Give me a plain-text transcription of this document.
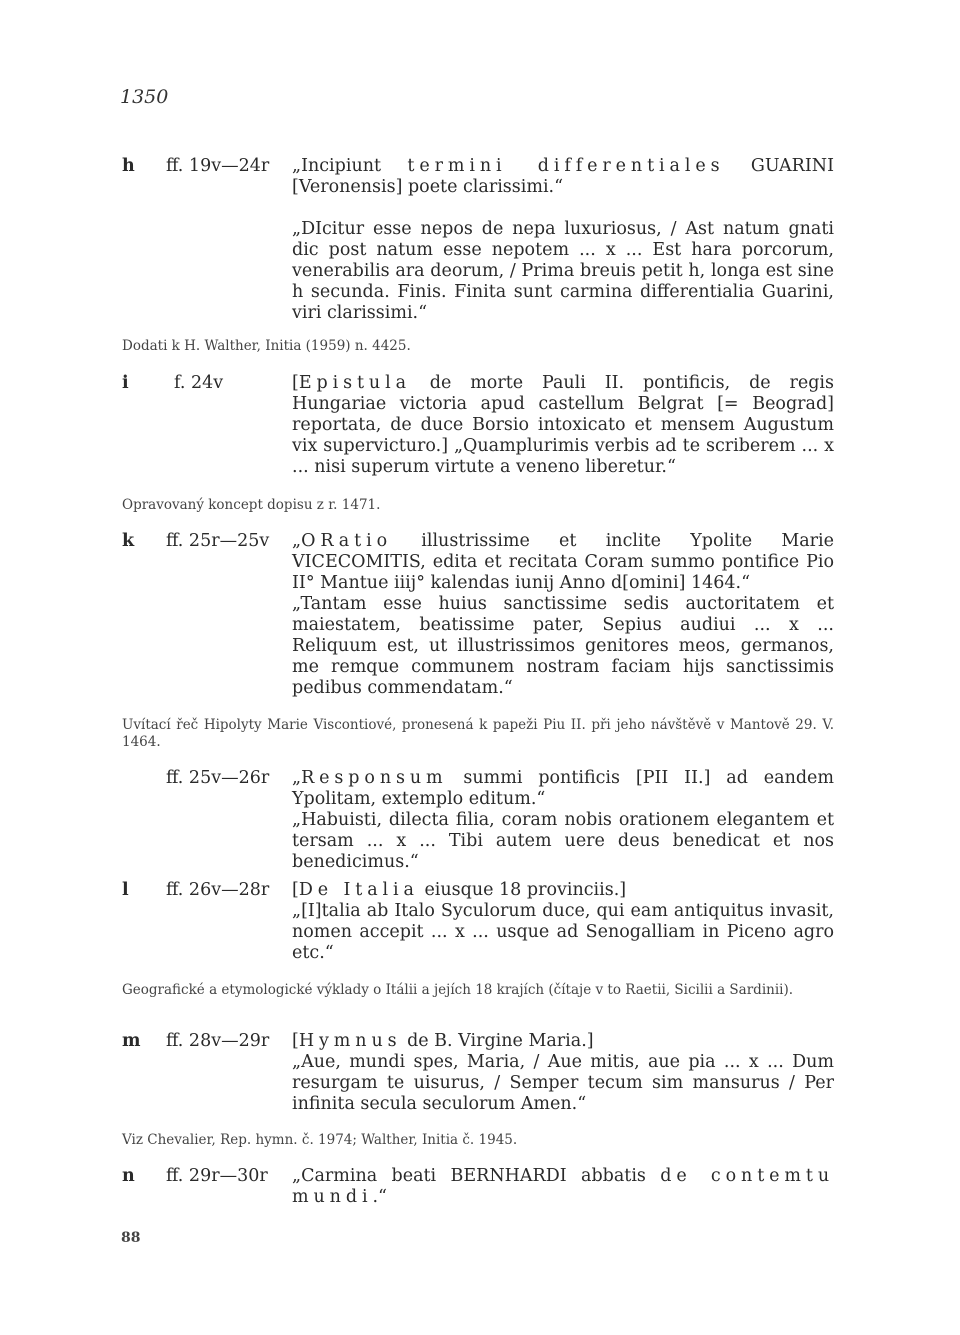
1350
h	ff. 19v—24r „Incipiunt termini differentiales GUARINI [Veronensis] poete clarissimi.“

„DIcitur esse nepos de nepa luxuriosus, / Ast natum gnati dic post natum esse nepotem ... x ... Est hara porcorum, venerabilis ara deorum, / Prima breuis petit h, longa est sine h secunda. Finis. Finita sunt carmina differentialia Guarini, viri clarissimi.“

Dodati k H. Walther, Initia (1959) n. 4425.
i	f. 24v	[Epistula de morte Pauli II. pontificis, de regis Hungariae victoria apud castellum Belgrat [= Beograd] reportata, de duce Borsio intoxicato et mensem Augustum vix supervicturo.] „Quamplurimis verbis ad te scriberem ... x ... nisi superum virtute a veneno liberetur.“

Opravovaný koncept dopisu z r. 1471.
k	ff. 25r—25v „ORatio illustrissime et inclite Ypolite Marie VICECOMITIS, edita et recitata Coram summo pontifice Pio II° Mantue iiij° kalendas iunij Anno d[omini] 1464.“

„Tantam esse huius sanctissime sedis auctoritatem et maiestatem, beatissime pater, Sepius audiui ... x ... Reliquum est, ut illustrissimos genitores meos, germanos, me remque communem nostram faciam hijs sanctissimis pedibus commendatam.“

Uvítací řeč Hipolyty Marie Viscontiové, pronesená k papeži Piu II. při jeho návštěvě v Mantově 29. V. 1464.
ff. 25v—26r „Responsum summi pontificis [PII II.] ad eandem Ypolitam, extemplo editum.“

„Habuisti, dilecta filia, coram nobis orationem elegantem et tersam ... x ... Tibi autem uere deus benedicat et nos benedicimus.“

l	ff. 26v—28r [De Italia eiusque 18 provinciis.]

„[I]talia ab Italo Syculorum duce, qui eam antiquitus invasit, nomen accepit ... x ... usque ad Senogalliam in Piceno agro etc.“

Geografické a etymologické výklady o Itálii a jejích 18 krajích (čítaje v to Raetii, Sicilii a Sardinii).
m	ff. 28v—29r [Hymnus de B. Virgine Maria.]

„Aue, mundi spes, Maria, / Aue mitis, aue pia ... x ... Dum resurgam te uisurus, / Semper tecum sim mansurus / Per infinita secula seculorum Amen.“

Viz Chevalier, Rep. hymn. č. 1974; Walther, Initia č. 1945.
n	ff. 29r—30r „Carmina beati BERNHARDI abbatis de contemtu mundi.“

88
